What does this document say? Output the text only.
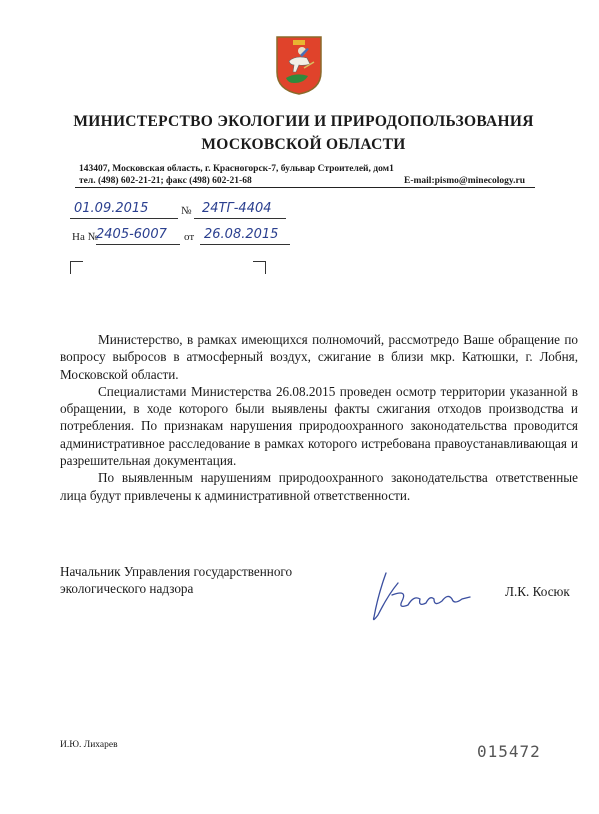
МИНИСТЕРСТВО ЭКОЛОГИИ И ПРИРОДОПОЛЬЗОВАНИЯ
МОСКОВСКОЙ ОБЛАСТИ
143407, Московская область, г. Красногорск-7, бульвар Строителей, дом1
тел. (498) 602-21-21; факс (498) 602-21-68	E-mail:pismo@minecology.ru
01.09.2015	№ 24ТГ-4404
На №
2405-6007 от 26.08.2015

Министерство, в рамках имеющихся полномочий, рассмотредо Ваше обращение по вопросу выбросов в атмосферный воздух, сжигание в близи мкр. Катюшки, г. Лобня, Московской области.

Специалистами Министерства 26.08.2015 проведен осмотр территории указанной в обращении, в ходе которого были выявлены факты сжигания отходов производства и потребления. По признакам нарушения природоохранного законодательства проводится административное расследование в рамках которого истребована правоустанавливающая и разрешительная документация.

По выявленным нарушениям природоохранного законодательства ответственные лица будут привлечены к административной ответственности.

Начальник Управления государственного
экологического надзора	Л.К. Косюк
И.Ю. Лихарев	015472
